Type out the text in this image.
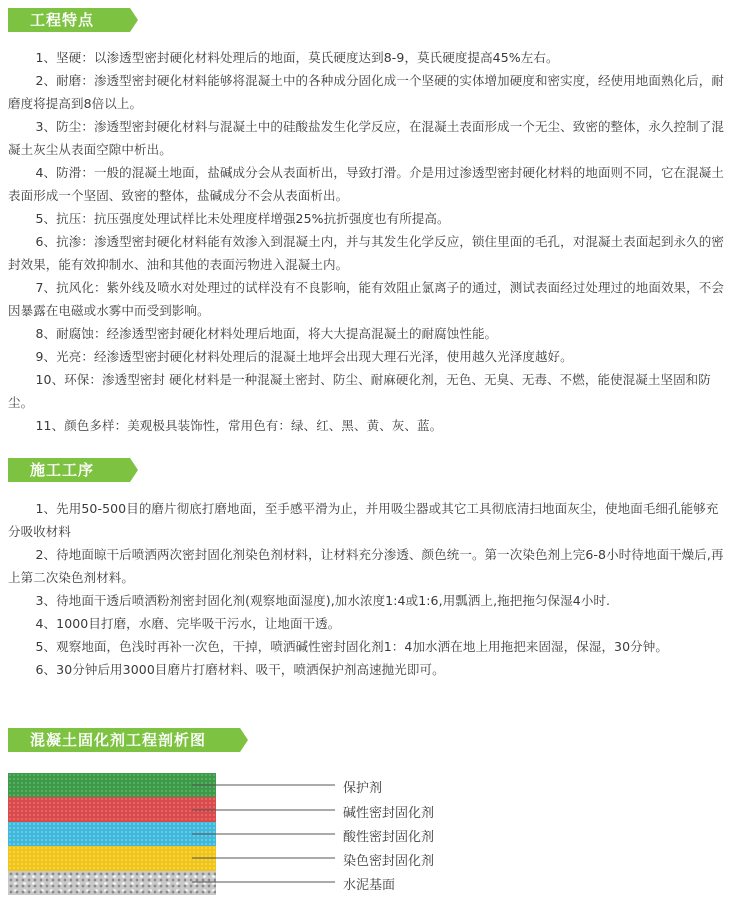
工程特点

1、坚硬：以渗透型密封硬化材料处理后的地面，莫氏硬度达到8-9，莫氏硬度提高45%左右。

2、耐磨：渗透型密封硬化材料能够将混凝土中的各种成分固化成一个坚硬的实体增加硬度和密实度，经使用地面熟化后，耐磨度将提高到8倍以上。

3、防尘：渗透型密封硬化材料与混凝土中的硅酸盐发生化学反应，在混凝土表面形成一个无尘、致密的整体，永久控制了混凝土灰尘从表面空隙中析出。

4、防滑：一般的混凝土地面，盐碱成分会从表面析出，导致打滑。介是用过渗透型密封硬化材料的地面则不同，它在混凝土表面形成一个坚固、致密的整体，盐碱成分不会从表面析出。

5、抗压：抗压强度处理试样比未处理度样增强25%抗折强度也有所提高。

6、抗渗：渗透型密封硬化材料能有效渗入到混凝土内，并与其发生化学反应，锁住里面的毛孔，对混凝土表面起到永久的密封效果，能有效抑制水、油和其他的表面污物进入混凝土内。

7、抗风化：紫外线及喷水对处理过的试样没有不良影响，能有效阻止氯离子的通过，测试表面经过处理过的地面效果，不会因暴露在电磁或水雾中而受到影响。

8、耐腐蚀：经渗透型密封硬化材料处理后地面，将大大提高混凝土的耐腐蚀性能。

9、光亮：经渗透型密封硬化材料处理后的混凝土地坪会出现大理石光泽，使用越久光泽度越好。

10、环保：渗透型密封 硬化材料是一种混凝土密封、防尘、耐麻硬化剂，无色、无臭、无毒、不燃，能使混凝土坚固和防尘。

11、颜色多样：美观极具装饰性，常用色有：绿、红、黑、黄、灰、蓝。

施工工序

1、先用50-500目的磨片彻底打磨地面，至手感平滑为止，并用吸尘器或其它工具彻底清扫地面灰尘，使地面毛细孔能够充分吸收材料

2、待地面晾干后喷洒两次密封固化剂染色剂材料，让材料充分渗透、颜色统一。第一次染色剂上完6-8小时待地面干燥后,再上第二次染色剂材料。

3、待地面干透后喷洒粉剂密封固化剂(观察地面湿度),加水浓度1:4或1:6,用瓢洒上,拖把拖匀保湿4小时.

4、1000目打磨，水磨、完毕吸干污水，让地面干透。

5、观察地面，色浅时再补一次色，干掉，喷洒碱性密封固化剂1：4加水洒在地上用拖把来固湿，保湿，30分钟。

6、30分钟后用3000目磨片打磨材料、吸干，喷洒保护剂高速抛光即可。

混凝土固化剂工程剖析图
保护剂
碱性密封固化剂
酸性密封固化剂
染色密封固化剂
水泥基面
